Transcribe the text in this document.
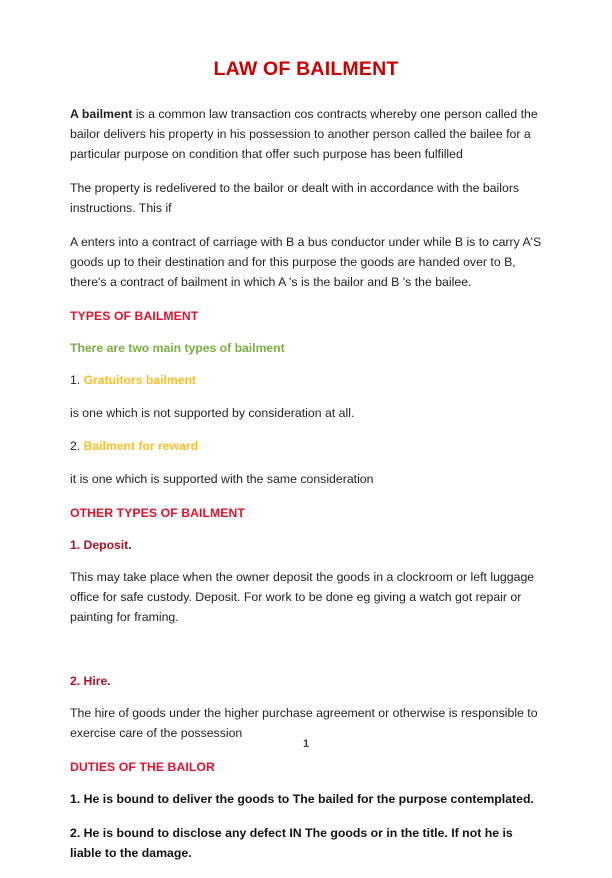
LAW OF BAILMENT

A bailment is a common law transaction cos contracts whereby one person called the bailor delivers his property in his possession to another person called the bailee for a particular purpose on condition that offer such purpose has been fulfilled

The property is redelivered to the bailor or dealt with in accordance with the bailors instructions. This if

A enters into a contract of carriage with B a bus conductor under while B is to carry A'S goods up to their destination and for this purpose the goods are handed over to B, there's a contract of bailment in which A 's is the bailor and B 's the bailee.

TYPES OF BAILMENT

There are two main types of bailment

1. Gratuitors bailment

is one which is not supported by consideration at all.

2. Bailment for reward

it is one which is supported with the same consideration

OTHER TYPES OF BAILMENT

1. Deposit.

This may take place when the owner deposit the goods in a clockroom or left luggage office for safe custody. Deposit. For work to be done eg giving a watch got repair or painting for framing.

2. Hire.

The hire of goods under the higher purchase agreement or otherwise is responsible to exercise care of the possession

DUTIES OF THE BAILOR

1. He is bound to deliver the goods to The bailed for the purpose contemplated.

2. He is bound to disclose any defect IN The goods or in the title. If not he is liable to the damage.

1
